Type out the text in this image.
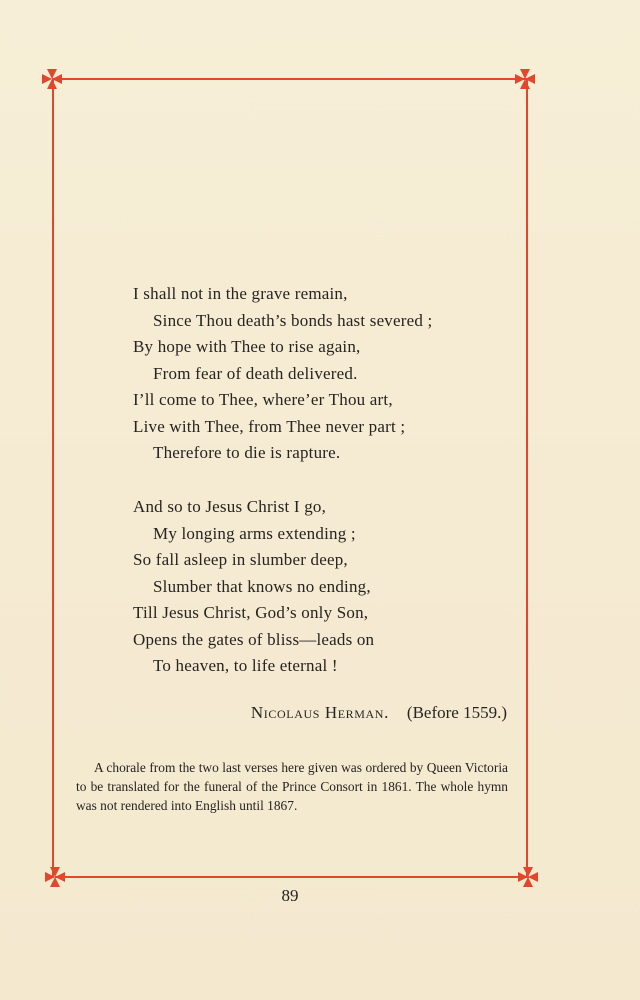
I shall not in the grave remain,
Since Thou death’s bonds hast severed ;
By hope with Thee to rise again,
From fear of death delivered.
I’ll come to Thee, where’er Thou art,
Live with Thee, from Thee never part ;
Therefore to die is rapture.
And so to Jesus Christ I go,
My longing arms extending ;
So fall asleep in slumber deep,
Slumber that knows no ending,
Till Jesus Christ, God’s only Son,
Opens the gates of bliss—leads on
To heaven, to life eternal !
Nicolaus Herman. (Before 1559.)

A chorale from the two last verses here given was ordered by Queen Victoria to be translated for the funeral of the Prince Consort in 1861. The whole hymn was not rendered into English until 1867.

89
